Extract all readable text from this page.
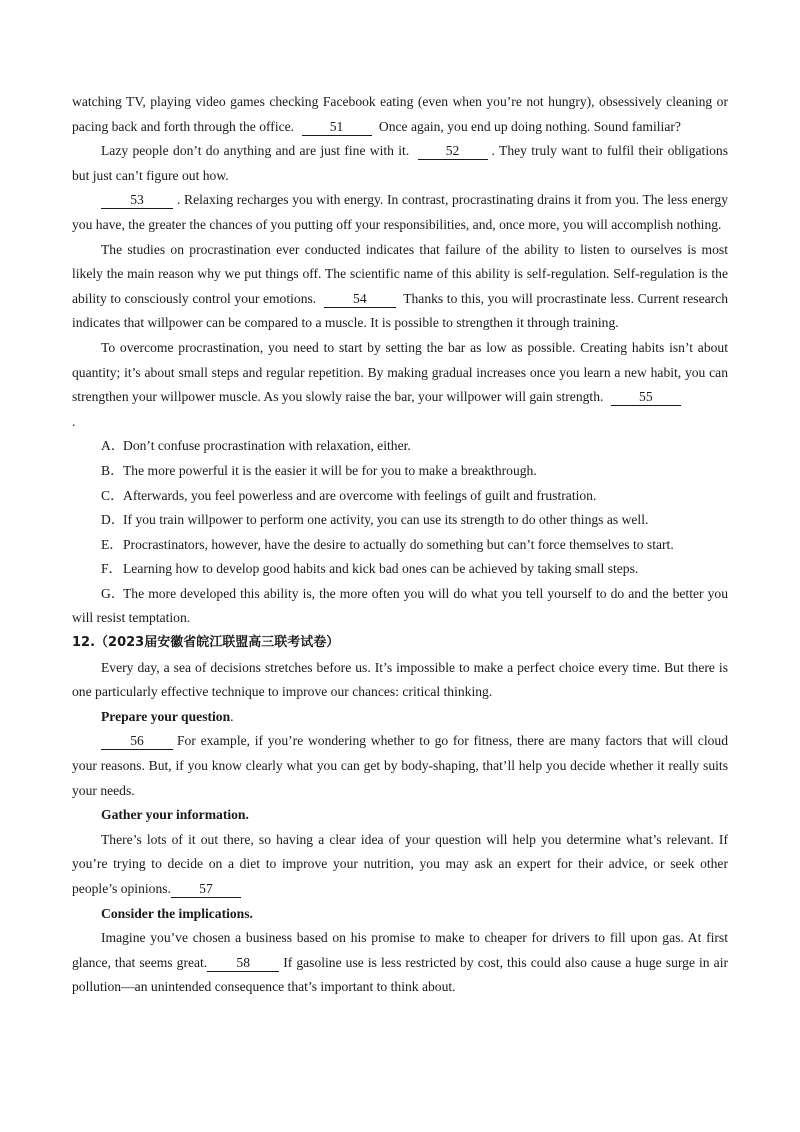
watching TV, playing video games checking Facebook eating (even when you’re not hungry), obsessively cleaning or pacing back and forth through the office.	51	Once again, you end up doing nothing. Sound familiar?

Lazy people don’t do anything and are just fine with it.	52 . They truly want to fulfil their obligations but just can’t figure out how.

53 . Relaxing recharges you with energy. In contrast, procrastinating drains it from you. The less energy you have, the greater the chances of you putting off your responsibilities, and, once more, you will accomplish nothing.

The studies on procrastination ever conducted indicates that failure of the ability to listen to ourselves is most likely the main reason why we put things off. The scientific name of this ability is self-regulation. Self-regulation is the ability to consciously control your emotions.	54	Thanks to this, you will procrastinate less. Current research indicates that willpower can be compared to a muscle. It is possible to strengthen it through training.

To overcome procrastination, you need to start by setting the bar as low as possible. Creating habits isn’t about quantity; it’s about small steps and regular repetition. By making gradual increases once you learn a new habit, you can strengthen your willpower muscle. As you slowly raise the bar, your willpower will gain strength.	55

.

A．Don’t confuse procrastination with relaxation, either.

B．The more powerful it is the easier it will be for you to make a breakthrough.

C．Afterwards, you feel powerless and are overcome with feelings of guilt and frustration.

D．If you train willpower to perform one activity, you can use its strength to do other things as well.

E．Procrastinators, however, have the desire to actually do something but can’t force themselves to start.

F．Learning how to develop good habits and kick bad ones can be achieved by taking small steps.

G．The more developed this ability is, the more often you will do what you tell yourself to do and the better you will resist temptation.

12.（2023届安徽省皖江联盟高三联考试卷）

Every day, a sea of decisions stretches before us. It’s impossible to make a perfect choice every time. But there is one particularly effective technique to improve our chances: critical thinking.

Prepare your question.

56 For example, if you’re wondering whether to go for fitness, there are many factors that will cloud your reasons. But, if you know clearly what you can get by body-shaping, that’ll help you decide whether it really suits your needs.

Gather your information.

There’s lots of it out there, so having a clear idea of your question will help you determine what’s relevant. If you’re trying to decide on a diet to improve your nutrition, you may ask an expert for their advice, or seek other people’s opinions. 57

Consider the implications.

Imagine you’ve chosen a business based on his promise to make to cheaper for drivers to fill upon gas. At first glance, that seems great. 58 If gasoline use is less restricted by cost, this could also cause a huge surge in air pollution—an unintended consequence that’s important to think about.
